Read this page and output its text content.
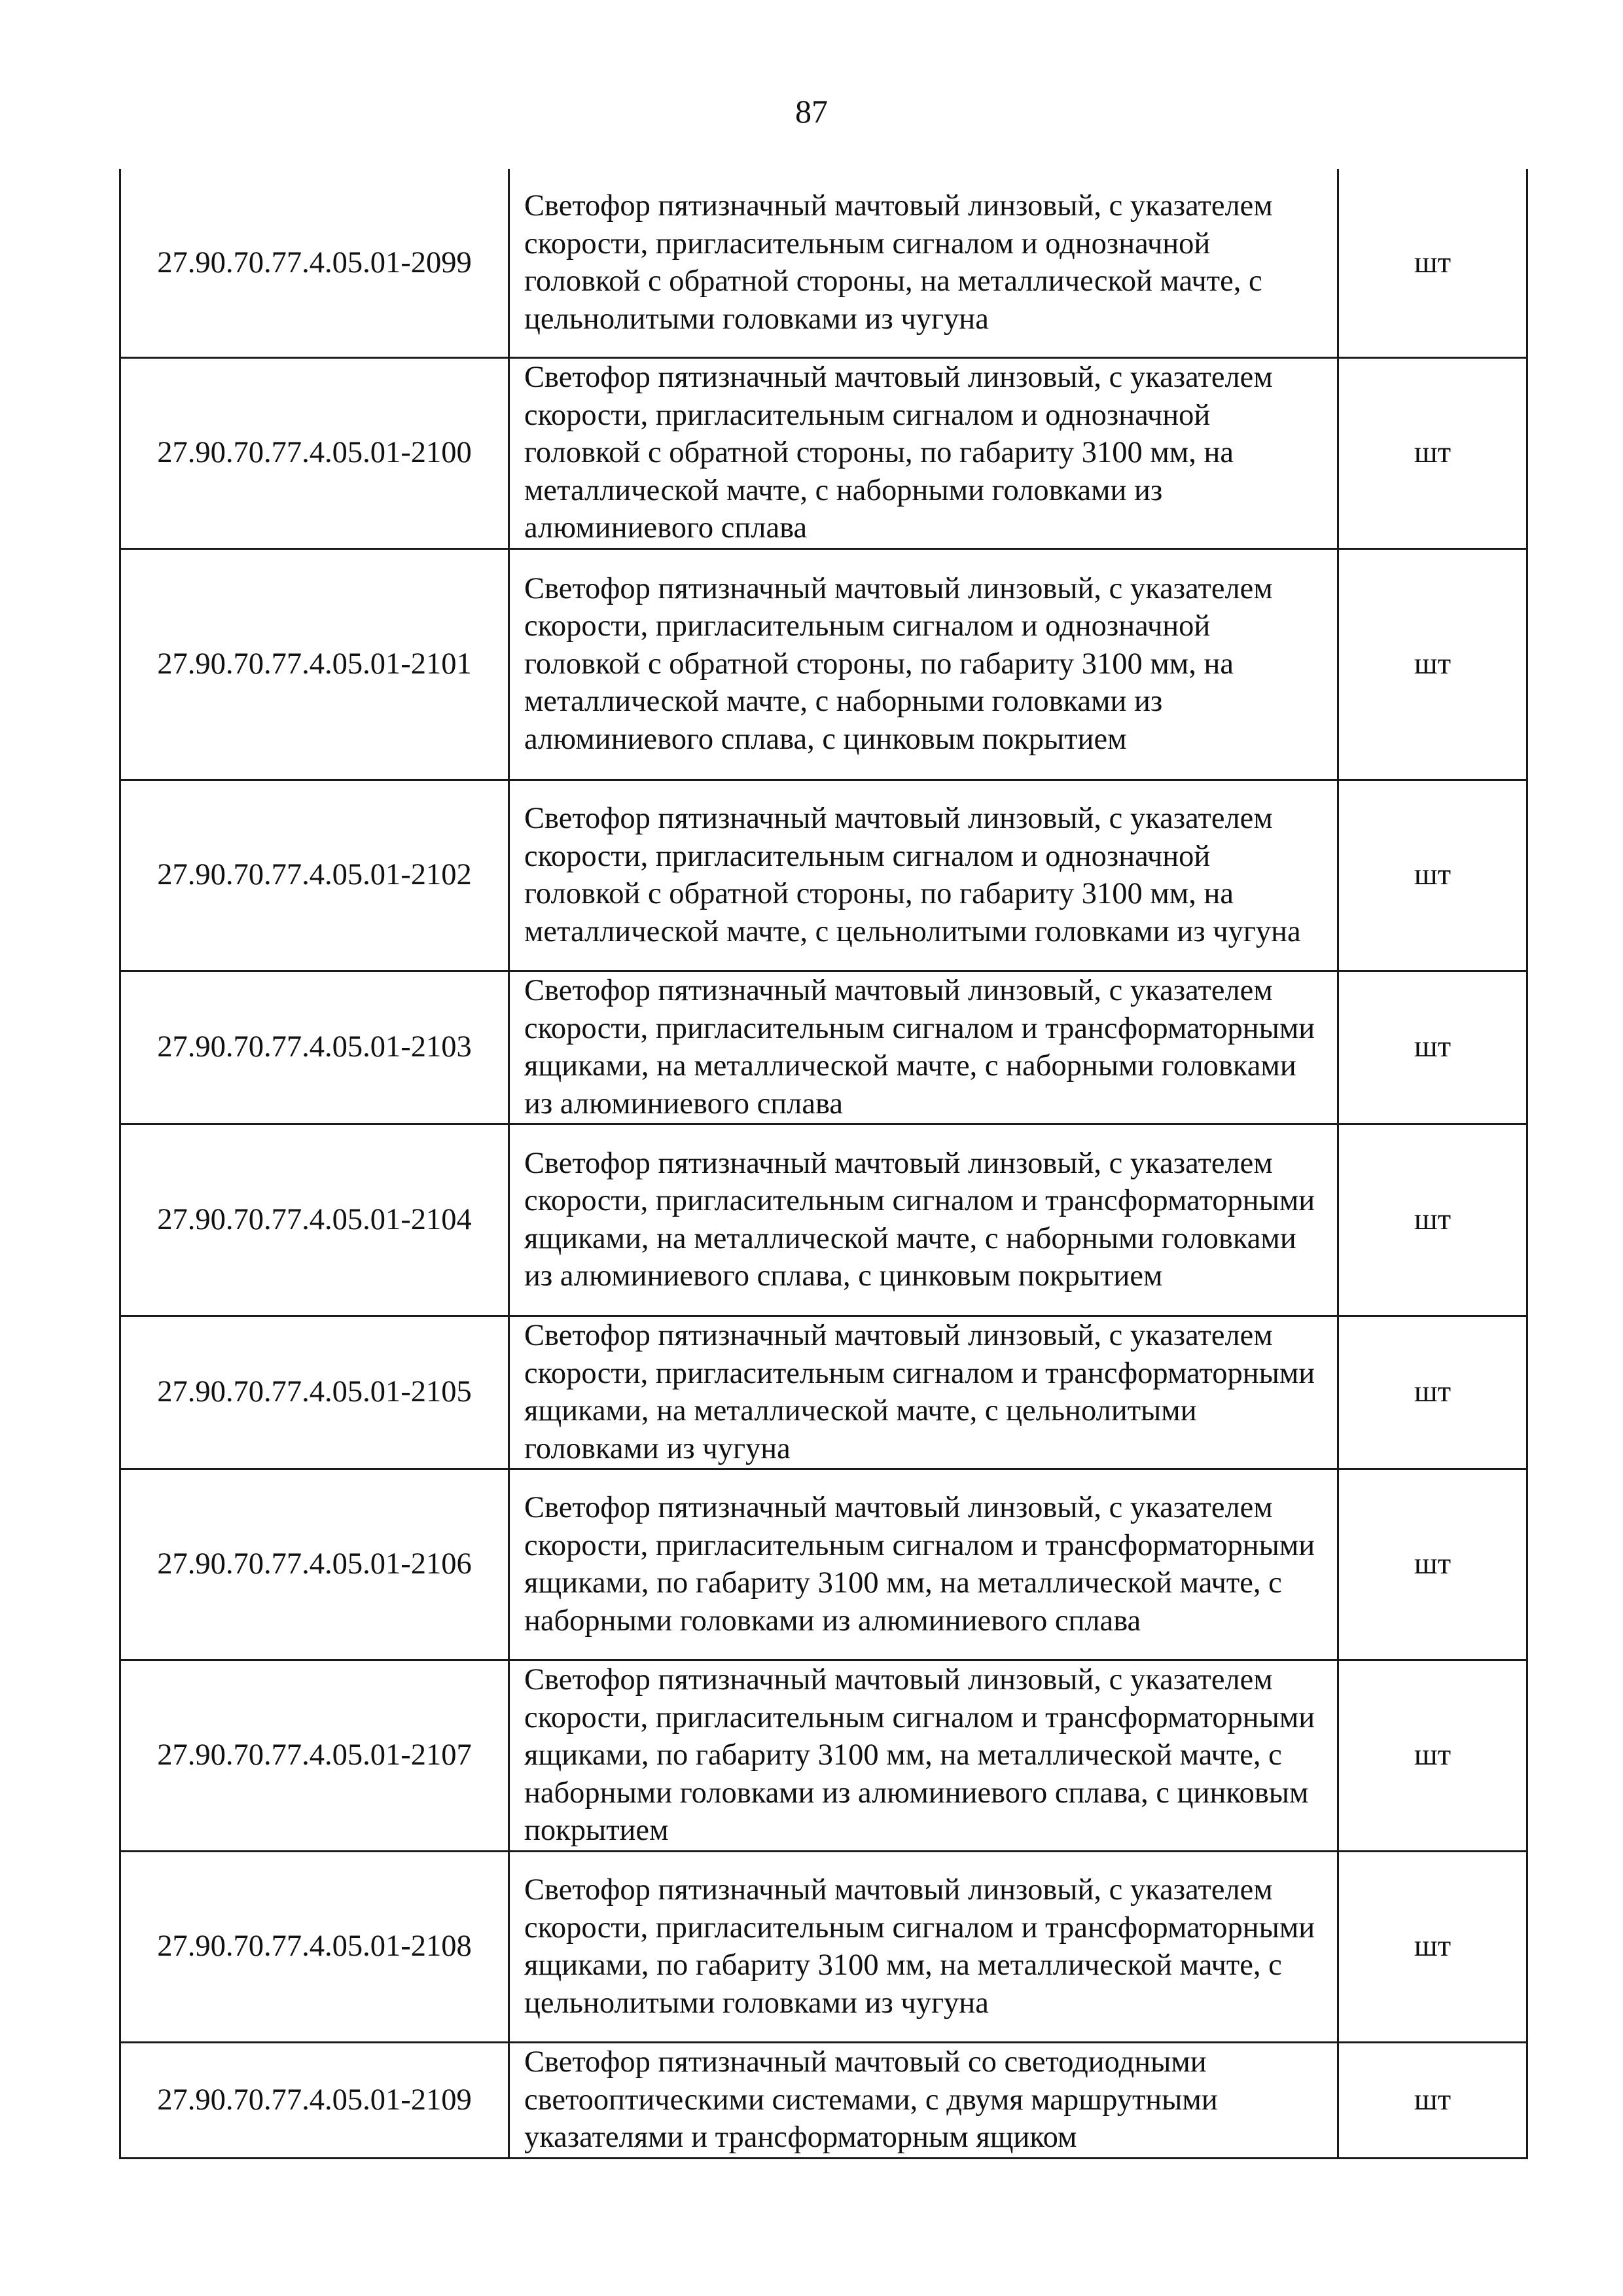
87
27.90.70.77.4.05.01-2099	Светофор пятизначный мачтовый линзовый, с указателем скорости, пригласительным сигналом и однозначной головкой с обратной стороны, на металлической мачте, с цельнолитыми головками из чугуна	шт
27.90.70.77.4.05.01-2100	Светофор пятизначный мачтовый линзовый, с указателем скорости, пригласительным сигналом и однозначной головкой с обратной стороны, по габариту 3100 мм, на металлической мачте, с наборными головками из алюминиевого сплава	шт
27.90.70.77.4.05.01-2101	Светофор пятизначный мачтовый линзовый, с указателем скорости, пригласительным сигналом и однозначной головкой с обратной стороны, по габариту 3100 мм, на металлической мачте, с наборными головками из алюминиевого сплава, с цинковым покрытием	шт
27.90.70.77.4.05.01-2102	Светофор пятизначный мачтовый линзовый, с указателем скорости, пригласительным сигналом и однозначной головкой с обратной стороны, по габариту 3100 мм, на металлической мачте, с цельнолитыми головками из чугуна	шт
27.90.70.77.4.05.01-2103	Светофор пятизначный мачтовый линзовый, с указателем скорости, пригласительным сигналом и трансформаторными ящиками, на металлической мачте, с наборными головками из алюминиевого сплава	шт
27.90.70.77.4.05.01-2104	Светофор пятизначный мачтовый линзовый, с указателем скорости, пригласительным сигналом и трансформаторными ящиками, на металлической мачте, с наборными головками из алюминиевого сплава, с цинковым покрытием	шт
27.90.70.77.4.05.01-2105	Светофор пятизначный мачтовый линзовый, с указателем скорости, пригласительным сигналом и трансформаторными ящиками, на металлической мачте, с цельнолитыми головками из чугуна	шт
27.90.70.77.4.05.01-2106	Светофор пятизначный мачтовый линзовый, с указателем скорости, пригласительным сигналом и трансформаторными ящиками, по габариту 3100 мм, на металлической мачте, с наборными головками из алюминиевого сплава	шт
27.90.70.77.4.05.01-2107	Светофор пятизначный мачтовый линзовый, с указателем скорости, пригласительным сигналом и трансформаторными ящиками, по габариту 3100 мм, на металлической мачте, с наборными головками из алюминиевого сплава, с цинковым покрытием	шт
27.90.70.77.4.05.01-2108	Светофор пятизначный мачтовый линзовый, с указателем скорости, пригласительным сигналом и трансформаторными ящиками, по габариту 3100 мм, на металлической мачте, с цельнолитыми головками из чугуна	шт
27.90.70.77.4.05.01-2109	Светофор пятизначный мачтовый со светодиодными светооптическими системами, с двумя маршрутными указателями и трансформаторным ящиком	шт
